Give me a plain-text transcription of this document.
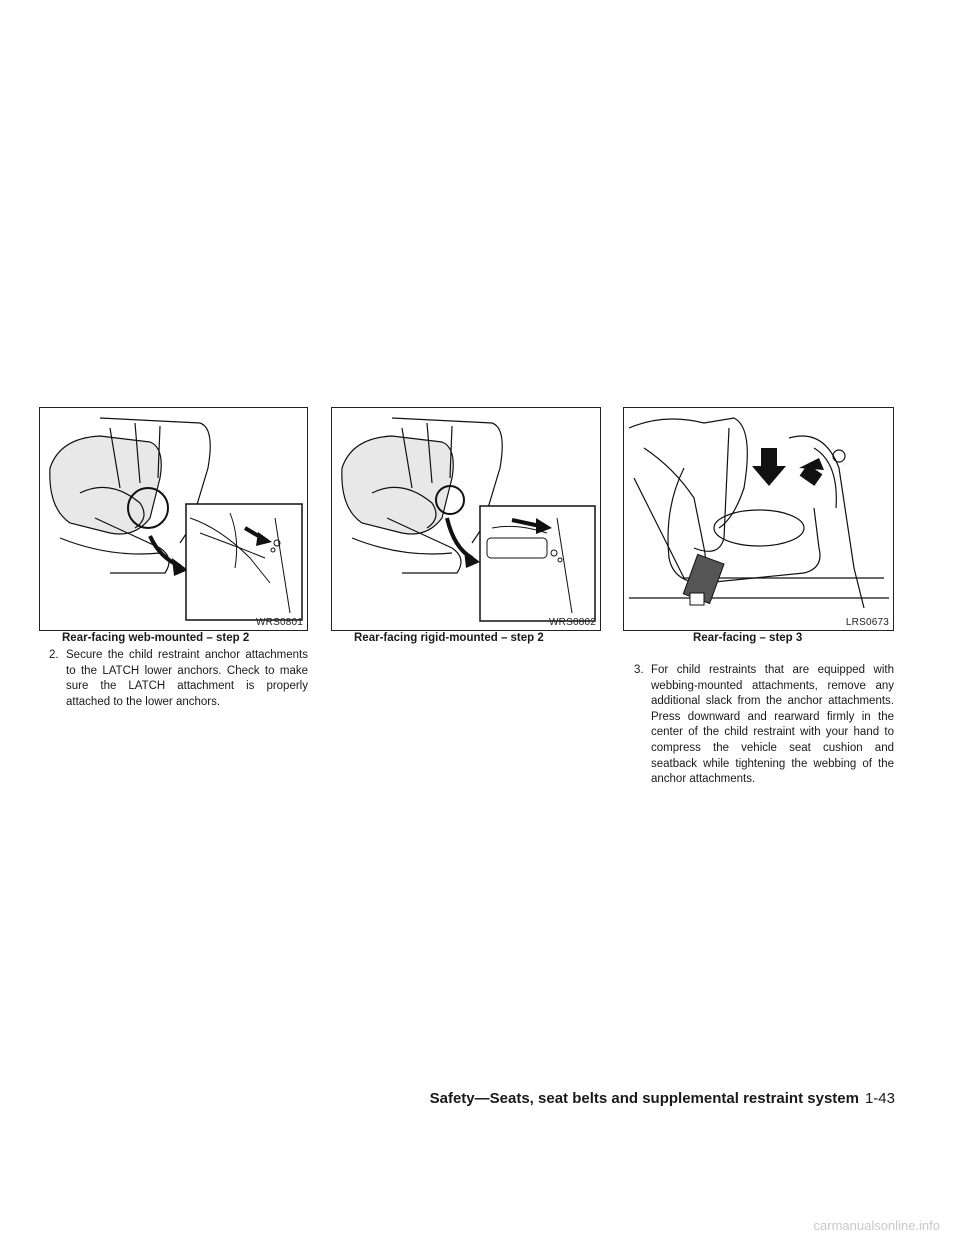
WRS0801
Rear-facing web-mounted – step 2
WRS0802
Rear-facing rigid-mounted – step 2
LRS0673
Rear-facing – step 3

2. Secure the child restraint anchor attachments to the LATCH lower anchors. Check to make sure the LATCH attachment is properly attached to the lower anchors.

3. For child restraints that are equipped with webbing-mounted attachments, remove any additional slack from the anchor attachments. Press downward and rearward firmly in the center of the child restraint with your hand to compress the vehicle seat cushion and seatback while tightening the webbing of the anchor attachments.

Safety—Seats, seat belts and supplemental restraint system 1-43
carmanualsonline.info
